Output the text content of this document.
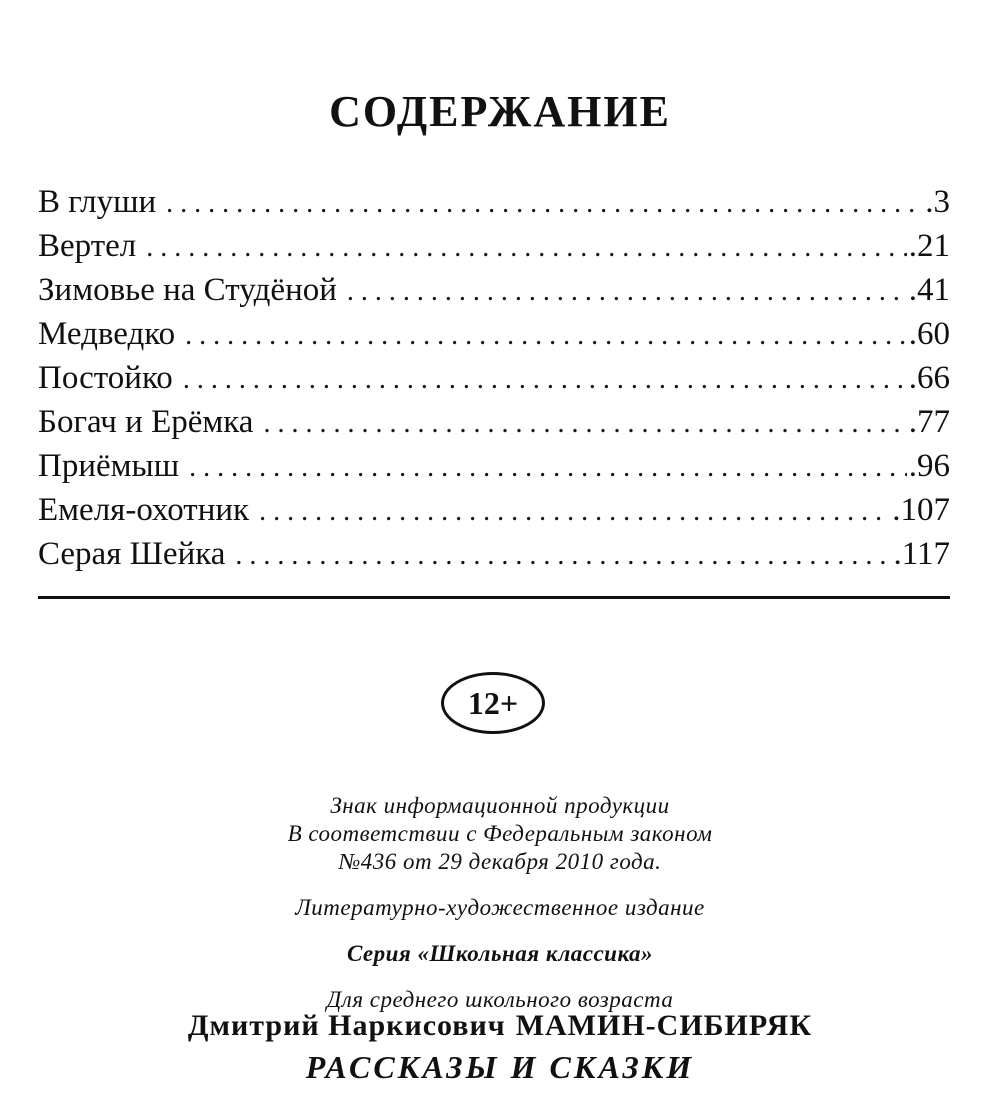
СОДЕРЖАНИЕ
В глуши . . .	.3
Вертел . . .	.21
Зимовье на Студёной . . .	.41
Медведко . . .	.60
Постойко . . .	.66
Богач и Ерёмка . . .	.77
Приёмыш . . .	.96
Емеля-охотник . . .	.107
Серая Шейка . . .	.117
12+
Знак информационной продукции
В соответствии с Федеральным законом
№436 от 29 декабря 2010 года.
Литературно-художественное издание
Серия «Школьная классика»
Для среднего школьного возраста
Дмитрий Наркисович МАМИН-СИБИРЯК
РАССКАЗЫ И СКАЗКИ
